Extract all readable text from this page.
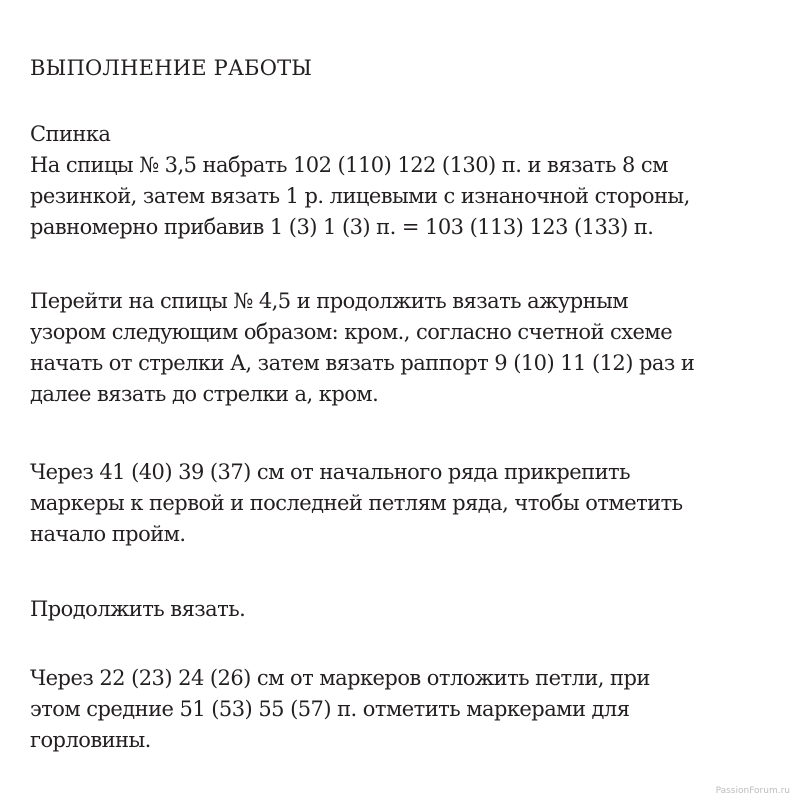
ВЫПОЛНЕНИЕ РАБОТЫ
Спинка
На спицы № 3,5 набрать 102 (110) 122 (130) п. и вязать 8 см
резинкой, затем вязать 1 р. лицевыми с изнаночной стороны,
равномерно прибавив 1 (3) 1 (3) п. = 103 (113) 123 (133) п.
Перейти на спицы № 4,5 и продолжить вязать ажурным
узором следующим образом: кром., согласно счетной схеме
начать от стрелки А, затем вязать раппорт 9 (10) 11 (12) раз и
далее вязать до стрелки а, кром.
Через 41 (40) 39 (37) см от начального ряда прикрепить
маркеры к первой и последней петлям ряда, чтобы отметить
начало пройм.
Продолжить вязать.
Через 22 (23) 24 (26) см от маркеров отложить петли, при
этом средние 51 (53) 55 (57) п. отметить маркерами для
горловины.
PassionForum.ru
